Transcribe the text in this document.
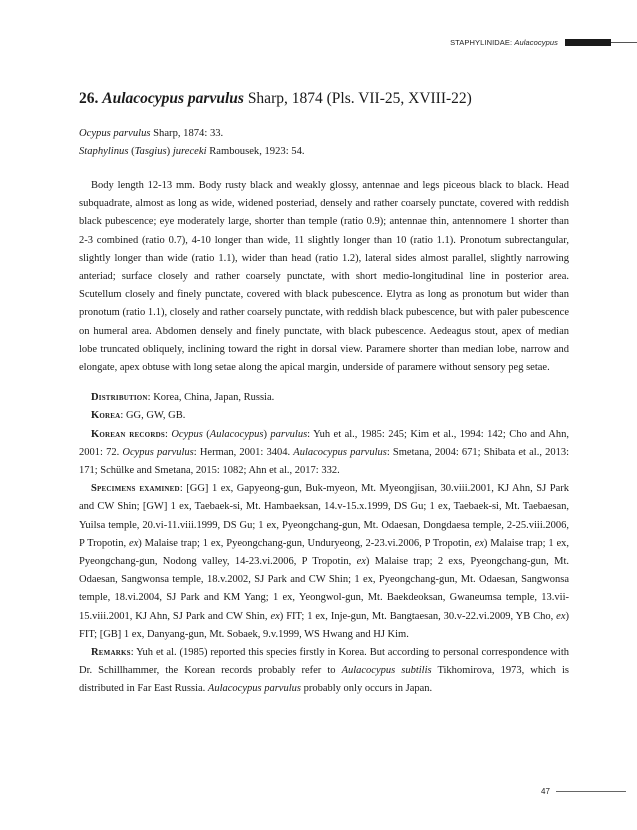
STAPHYLINIDAE: Aulacocypus
26. Aulacocypus parvulus Sharp, 1874 (Pls. VII-25, XVIII-22)

Ocypus parvulus Sharp, 1874: 33.

Staphylinus (Tasgius) jureceki Rambousek, 1923: 54.

Body length 12-13 mm. Body rusty black and weakly glossy, antennae and legs piceous black to black. Head subquadrate, almost as long as wide, widened posteriad, densely and rather coarsely punctate, covered with reddish black pubescence; eye moderately large, shorter than temple (ratio 0.9); antennae thin, antennomere 1 shorter than 2-3 combined (ratio 0.7), 4-10 longer than wide, 11 slightly longer than 10 (ratio 1.1). Pronotum subrectangular, slightly longer than wide (ratio 1.1), wider than head (ratio 1.2), lateral sides almost parallel, slightly narrowing anteriad; surface closely and rather coarsely punctate, with short medio-longitudinal line in posterior area. Scutellum closely and finely punctate, covered with black pubescence. Elytra as long as pronotum but wider than pronotum (ratio 1.1), closely and rather coarsely punctate, with reddish black pubescence, but with paler pubescence on humeral area. Abdomen densely and finely punctate, with black pubescence. Aedeagus stout, apex of median lobe truncated obliquely, inclining toward the right in dorsal view. Paramere shorter than median lobe, narrow and elongate, apex obtuse with long setae along the apical margin, underside of paramere without sensory peg setae.

Distribution: Korea, China, Japan, Russia.

Korea: GG, GW, GB.

Korean records: Ocypus (Aulacocypus) parvulus: Yuh et al., 1985: 245; Kim et al., 1994: 142; Cho and Ahn, 2001: 72. Ocypus parvulus: Herman, 2001: 3404. Aulacocypus parvulus: Smetana, 2004: 671; Shibata et al., 2013: 171; Schülke and Smetana, 2015: 1082; Ahn et al., 2017: 332.

Specimens examined: [GG] 1 ex, Gapyeong-gun, Buk-myeon, Mt. Myeongjisan, 30.viii.2001, KJ Ahn, SJ Park and CW Shin; [GW] 1 ex, Taebaek-si, Mt. Hambaeksan, 14.v-15.x.1999, DS Gu; 1 ex, Taebaek-si, Mt. Taebaesan, Yuilsa temple, 20.vi-11.viii.1999, DS Gu; 1 ex, Pyeongchang-gun, Mt. Odaesan, Dongdaesa temple, 2-25.viii.2006, P Tropotin, ex) Malaise trap; 1 ex, Pyeongchang-gun, Unduryeong, 2-23.vi.2006, P Tropotin, ex) Malaise trap; 1 ex, Pyeongchang-gun, Nodong valley, 14-23.vi.2006, P Tropotin, ex) Malaise trap; 2 exs, Pyeongchang-gun, Mt. Odaesan, Sangwonsa temple, 18.v.2002, SJ Park and CW Shin; 1 ex, Pyeongchang-gun, Mt. Odaesan, Sangwonsa temple, 18.vi.2004, SJ Park and KM Yang; 1 ex, Yeongwol-gun, Mt. Baekdeoksan, Gwaneumsa temple, 13.vii-15.viii.2001, KJ Ahn, SJ Park and CW Shin, ex) FIT; 1 ex, Inje-gun, Mt. Bangtaesan, 30.v-22.vi.2009, YB Cho, ex) FIT; [GB] 1 ex, Danyang-gun, Mt. Sobaek, 9.v.1999, WS Hwang and HJ Kim.

Remarks: Yuh et al. (1985) reported this species firstly in Korea. But according to personal correspondence with Dr. Schillhammer, the Korean records probably refer to Aulacocypus subtilis Tikhomirova, 1973, which is distributed in Far East Russia. Aulacocypus parvulus probably only occurs in Japan.

47
